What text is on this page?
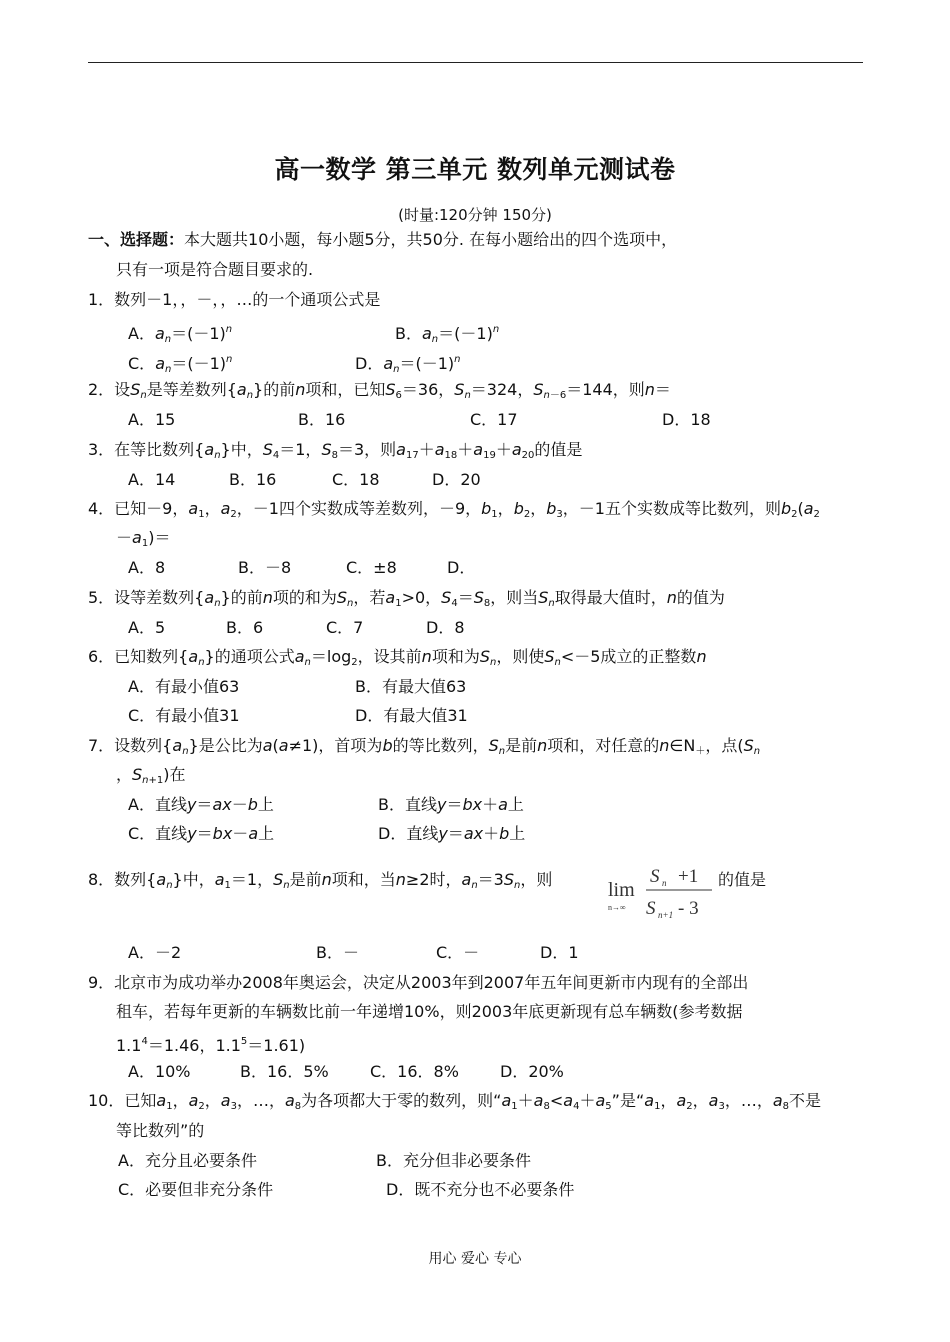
高一数学 第三单元 数列单元测试卷
(时量:120分钟 150分)
一、选择题：本大题共10小题，每小题5分，共50分. 在每小题给出的四个选项中，
只有一项是符合题目要求的.
1．数列－1，，－，，…的一个通项公式是
A．$a_n=(-1)^n$	B．$a_n=(-1)^n$
C．$a_n=(-1)^n$	D．$a_n=(-1)^n$
2．设$S_n$是等差数列$\{a_n\}$的前n项和，已知$S_6=36$，$S_n=324$，$S_{n-6}=144$，则n＝
A．15	B．16	C．17	D．18
3．在等比数列$\{a_n\}$中，$S_4=1$，$S_8=3$，则$a_{17}+a_{18}+a_{19}+a_{20}$的值是
A．14	B．16	C．18	D．20
4．已知－9，$a_1$，$a_2$，－1四个实数成等差数列，－9，$b_1$，$b_2$，$b_3$，－1五个实数成等比数列，则$b_2(a_2$
$-a_1)=$
A．8	B．－8	C．±8	D．
5．设等差数列$\{a_n\}$的前n项的和为$S_n$，若$a_1>0$，$S_4=S_8$，则当$S_n$取得最大值时，n的值为
A．5	B．6	C．7	D．8
6．已知数列$\{a_n\}$的通项公式$a_n=\log_2$，设其前n项和为$S_n$，则使$S_n<-5$成立的正整数n
A．有最小值63	B．有最大值63
C．有最小值31	D．有最大值31
7．设数列$\{a_n\}$是公比为a(a≠1)，首项为b的等比数列，$S_n$是前n项和，对任意的$n\in N_+$，点($S_n$
，$S_{n+1}$)在
A．直线y＝ax－b上	B．直线y＝bx＋a上
C．直线y＝bx－a上	D．直线y＝ax＋b上
8．数列$\{a_n\}$中，$a_1=1$，$S_n$是前n项和，当n≥2时，$a_n=3S_n$，则	lim
n→∞
S n +1
S n+1 - 3
的值是
A．－2	B．－	C．－	D．1
9．北京市为成功举办2008年奥运会，决定从2003年到2007年五年间更新市内现有的全部出
租车，若每年更新的车辆数比前一年递增10%，则2003年底更新现有总车辆数(参考数据
$1.1^4=1.46$，$1.1^5=1.61$)
A．10%	B．16．5%	C．16．8%	D．20%
10．已知$a_1$，$a_2$，$a_3$，…，$a_8$为各项都大于零的数列，则“$a_1+a_8<a_4+a_5$”是“$a_1$，$a_2$，$a_3$，…，$a_8$不是
等比数列”的
A．充分且必要条件	B．充分但非必要条件
C．必要但非充分条件	D．既不充分也不必要条件
用心 爱心 专心
